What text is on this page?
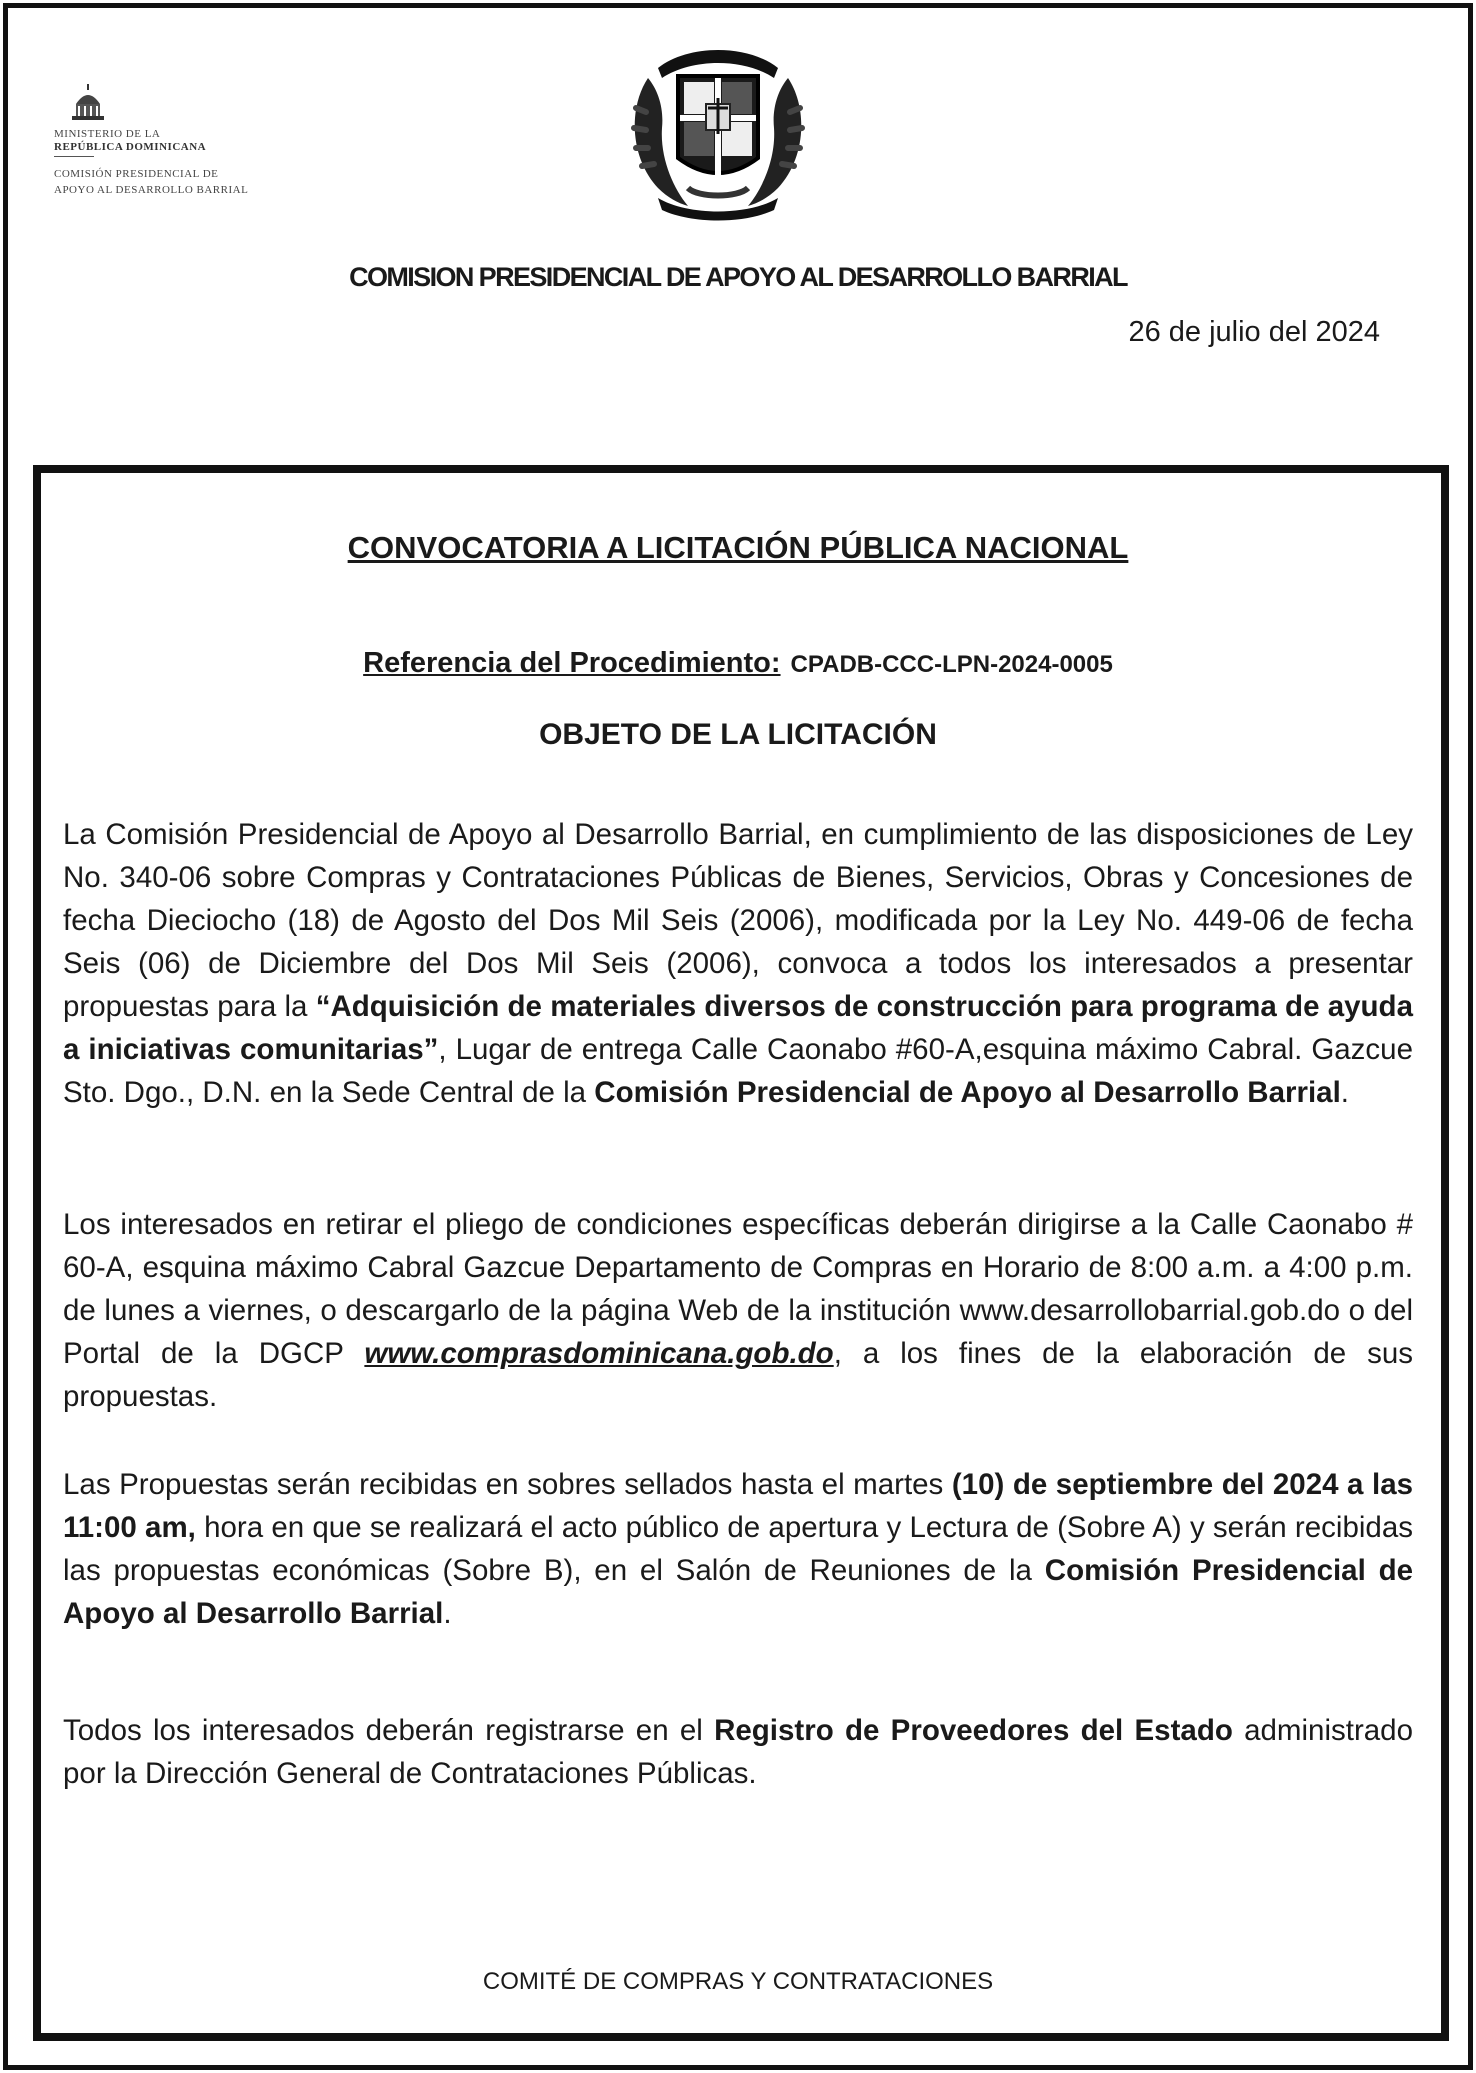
MINISTERIO DE LA
REPÚBLICA DOMINICANA
COMISIÓN PRESIDENCIAL DE
APOYO AL DESARROLLO BARRIAL
COMISION PRESIDENCIAL DE APOYO AL DESARROLLO BARRIAL
26 de julio del 2024
CONVOCATORIA A LICITACIÓN PÚBLICA NACIONAL
Referencia del Procedimiento: CPADB-CCC-LPN-2024-0005
OBJETO DE LA LICITACIÓN

La Comisión Presidencial de Apoyo al Desarrollo Barrial, en cumplimiento de las disposiciones de Ley No. 340-06 sobre Compras y Contrataciones Públicas de Bienes, Servicios, Obras y Concesiones de fecha Dieciocho (18) de Agosto del Dos Mil Seis (2006), modificada por la Ley No. 449-06 de fecha Seis (06) de Diciembre del Dos Mil Seis (2006), convoca a todos los interesados a presentar propuestas para la “Adquisición de materiales diversos de construcción para programa de ayuda a iniciativas comunitarias”, Lugar de entrega Calle Caonabo #60-A,esquina máximo Cabral. Gazcue Sto. Dgo., D.N. en la Sede Central de la Comisión Presidencial de Apoyo al Desarrollo Barrial.

Los interesados en retirar el pliego de condiciones específicas deberán dirigirse a la Calle Caonabo # 60-A, esquina máximo Cabral Gazcue Departamento de Compras en Horario de 8:00 a.m. a 4:00 p.m. de lunes a viernes, o descargarlo de la página Web de la institución www.desarrollobarrial.gob.do o del Portal de la DGCP www.comprasdominicana.gob.do, a los fines de la elaboración de sus propuestas.

Las Propuestas serán recibidas en sobres sellados hasta el martes (10) de septiembre del 2024 a las 11:00 am, hora en que se realizará el acto público de apertura y Lectura de (Sobre A) y serán recibidas las propuestas económicas (Sobre B), en el Salón de Reuniones de la Comisión Presidencial de Apoyo al Desarrollo Barrial.

Todos los interesados deberán registrarse en el Registro de Proveedores del Estado administrado por la Dirección General de Contrataciones Públicas.

COMITÉ DE COMPRAS Y CONTRATACIONES
